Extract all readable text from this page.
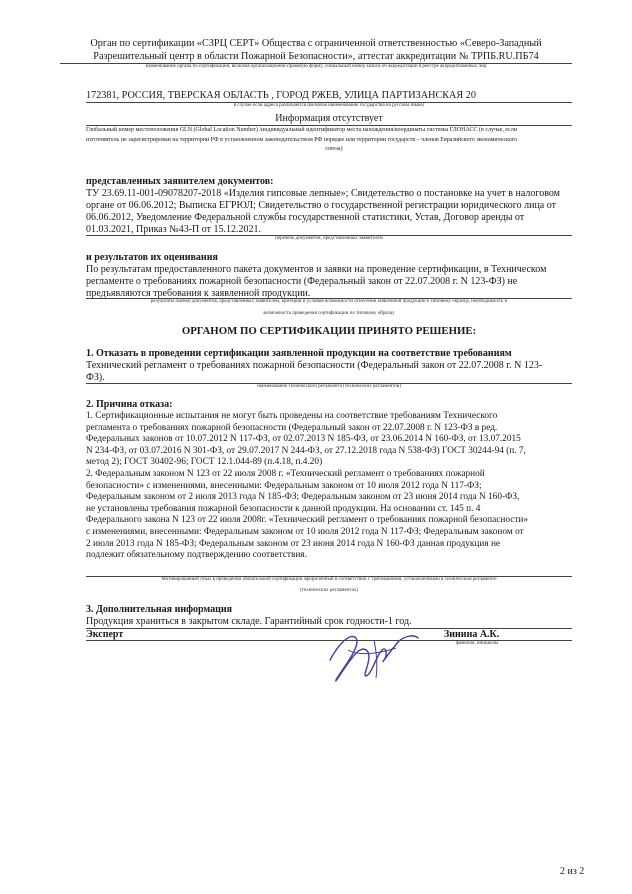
Орган по сертификации «СЗРЦ СЕРТ» Общества с ограниченной ответственностью «Северо-Западный
Разрешительный центр в области Пожарной Безопасности», аттестат аккредитации № ТРПБ.RU.ПБ74
наименование органа по сертификации, включая организационно-правовую форму, уникальный номер записи об аккредитации в реестре аккредитованных лиц
172381, РОССИЯ, ТВЕРСКАЯ ОБЛАСТЬ , ГОРОД РЖЕВ, УЛИЦА ПАРТИЗАНСКАЯ 20
в случае если адреса различаются (включая наименование государства на русском языке)
Информация отсутствует
Глобальный номер местоположения GLN (Global Location Number) /индивидуальный идентификатор места нахождения/координаты системы ГЛОНАСС (в случае, если
изготовитель не зарегистрирован на территории РФ в установленном законодательством РФ порядке или территории государств – членов Евразийского экономического
союза)
представленных заявителем документов:
ТУ 23.69.11-001-09078207-2018 «Изделия гипсовые лепные»; Свидетельство о постановке на учет в налоговом
органе от 06.06.2012; Выписка ЕГРЮЛ; Свидетельство о государственной регистрации юридического лица от
06.06.2012, Уведомление Федеральной службы государственной статистики, Устав, Договор аренды от
01.03.2021, Приказ №43-П от 15.12.2021.
перечень документов, представленных заявителем
и результатов их оценивания
По результатам предоставленного пакета документов и заявки на проведение сертификации, в Техническом
регламенте о требованиях пожарной безопасности (Федеральный закон от 22.07.2008 г. N 123-ФЗ) не
предъявляются требования к заявленной продукции.
результаты оценки документов, представленных заявителем, критерии и условия возможности отнесения заявленной продукции к типовому образцу, необходимость и
возможность проведения сертификации по типовому образцу
ОРГАНОМ ПО СЕРТИФИКАЦИИ ПРИНЯТО РЕШЕНИЕ:
1. Отказать в проведении сертификации заявленной продукции на соответствие требованиям
Технический регламент о требованиях пожарной безопасности (Федеральный закон от 22.07.2008 г. N 123-
ФЗ).
наименование технического регламента (технических регламентов)
2. Причина отказа:
1. Сертификационные испытания не могут быть проведены на соответствие требованиям Технического
регламента о требованиях пожарной безопасности (Федеральный закон от 22.07.2008 г. N 123-ФЗ в ред.
Федеральных законов от 10.07.2012 N 117-ФЗ, от 02.07.2013 N 185-ФЗ, от 23.06.2014 N 160-ФЗ, от 13.07.2015
N 234-ФЗ, от 03.07.2016 N 301-ФЗ, от 29.07.2017 N 244-ФЗ, от 27.12.2018 года N 538-ФЗ) ГОСТ 30244-94 (п. 7,
метод 2); ГОСТ 30402-96; ГОСТ 12.1.044-89 (п.4.18, п.4.20)
2. Федеральным законом N 123 от 22 июля 2008 г. «Технический регламент о требованиях пожарной
безопасности» с изменениями, внесенными: Федеральным законом от 10 июля 2012 года N 117-ФЗ;
Федеральным законом от 2 июля 2013 года N 185-ФЗ; Федеральным законом от 23 июня 2014 года N 160-ФЗ,
не установлены требования пожарной безопасности к данной продукции. На основании ст. 145 п. 4
Федерального закона N 123 от 22 июля 2008г. «Технический регламент о требованиях пожарной безопасности»
с изменениями, внесенными: Федеральным законом от 10 июля 2012 года N 117-ФЗ; Федеральным законом от
2 июля 2013 года N 185-ФЗ; Федеральным законом от 23 июня 2014 года N 160-ФЗ данная продукция не
подлежит обязательному подтверждению соответствия.
Мотивированный отказ в проведении обязательной сертификации оформленный в соответствии с требованиями, установленными в техническом регламенте
(технических регламентах)
3. Дополнительная информация
Продукция храниться в закрытом складе. Гарантийный срок годности-1 год.
Эксперт	Зинина А.К.
фамилия, инициалы
2 из 2
